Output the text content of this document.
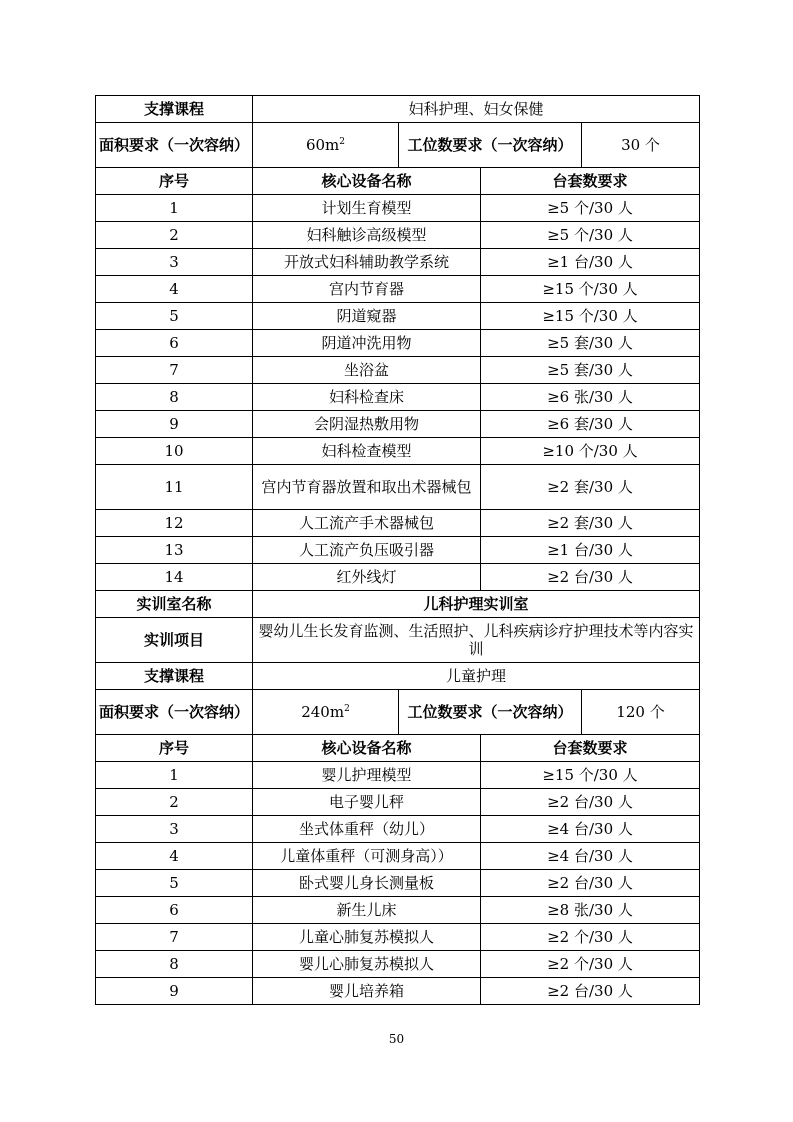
支撑课程	妇科护理、妇女保健			
面积要求（一次容纳）	$60m^2$	工位数要求（一次容纳）		30 个
序号	核心设备名称		台套数要求	
1	计划生育模型		≥5 个/30 人	
2	妇科触诊高级模型		≥5 个/30 人	
3	开放式妇科辅助教学系统		≥1 台/30 人	
4	宫内节育器		≥15 个/30 人	
5	阴道窥器		≥15 个/30 人	
6	阴道冲洗用物		≥5 套/30 人	
7	坐浴盆		≥5 套/30 人	
8	妇科检查床		≥6 张/30 人	
9	会阴湿热敷用物		≥6 套/30 人	
10	妇科检查模型		≥10 个/30 人	
11	宫内节育器放置和取出术器械包		≥2 套/30 人	
12	人工流产手术器械包		≥2 套/30 人	
13	人工流产负压吸引器		≥1 台/30 人	
14	红外线灯		≥2 台/30 人	
实训室名称	儿科护理实训室			
实训项目	婴幼儿生长发育监测、生活照护、儿科疾病诊疗护理技术等内容实训			
支撑课程	儿童护理			
面积要求（一次容纳）	$240m^2$	工位数要求（一次容纳）		120 个
序号	核心设备名称		台套数要求	
1	婴儿护理模型		≥15 个/30 人	
2	电子婴儿秤		≥2 台/30 人	
3	坐式体重秤（幼儿）		≥4 台/30 人	
4	儿童体重秤（可测身高））		≥4 台/30 人	
5	卧式婴儿身长测量板		≥2 台/30 人	
6	新生儿床		≥8 张/30 人	
7	儿童心肺复苏模拟人		≥2 个/30 人	
8	婴儿心肺复苏模拟人		≥2 个/30 人	
9	婴儿培养箱		≥2 台/30 人	
50
